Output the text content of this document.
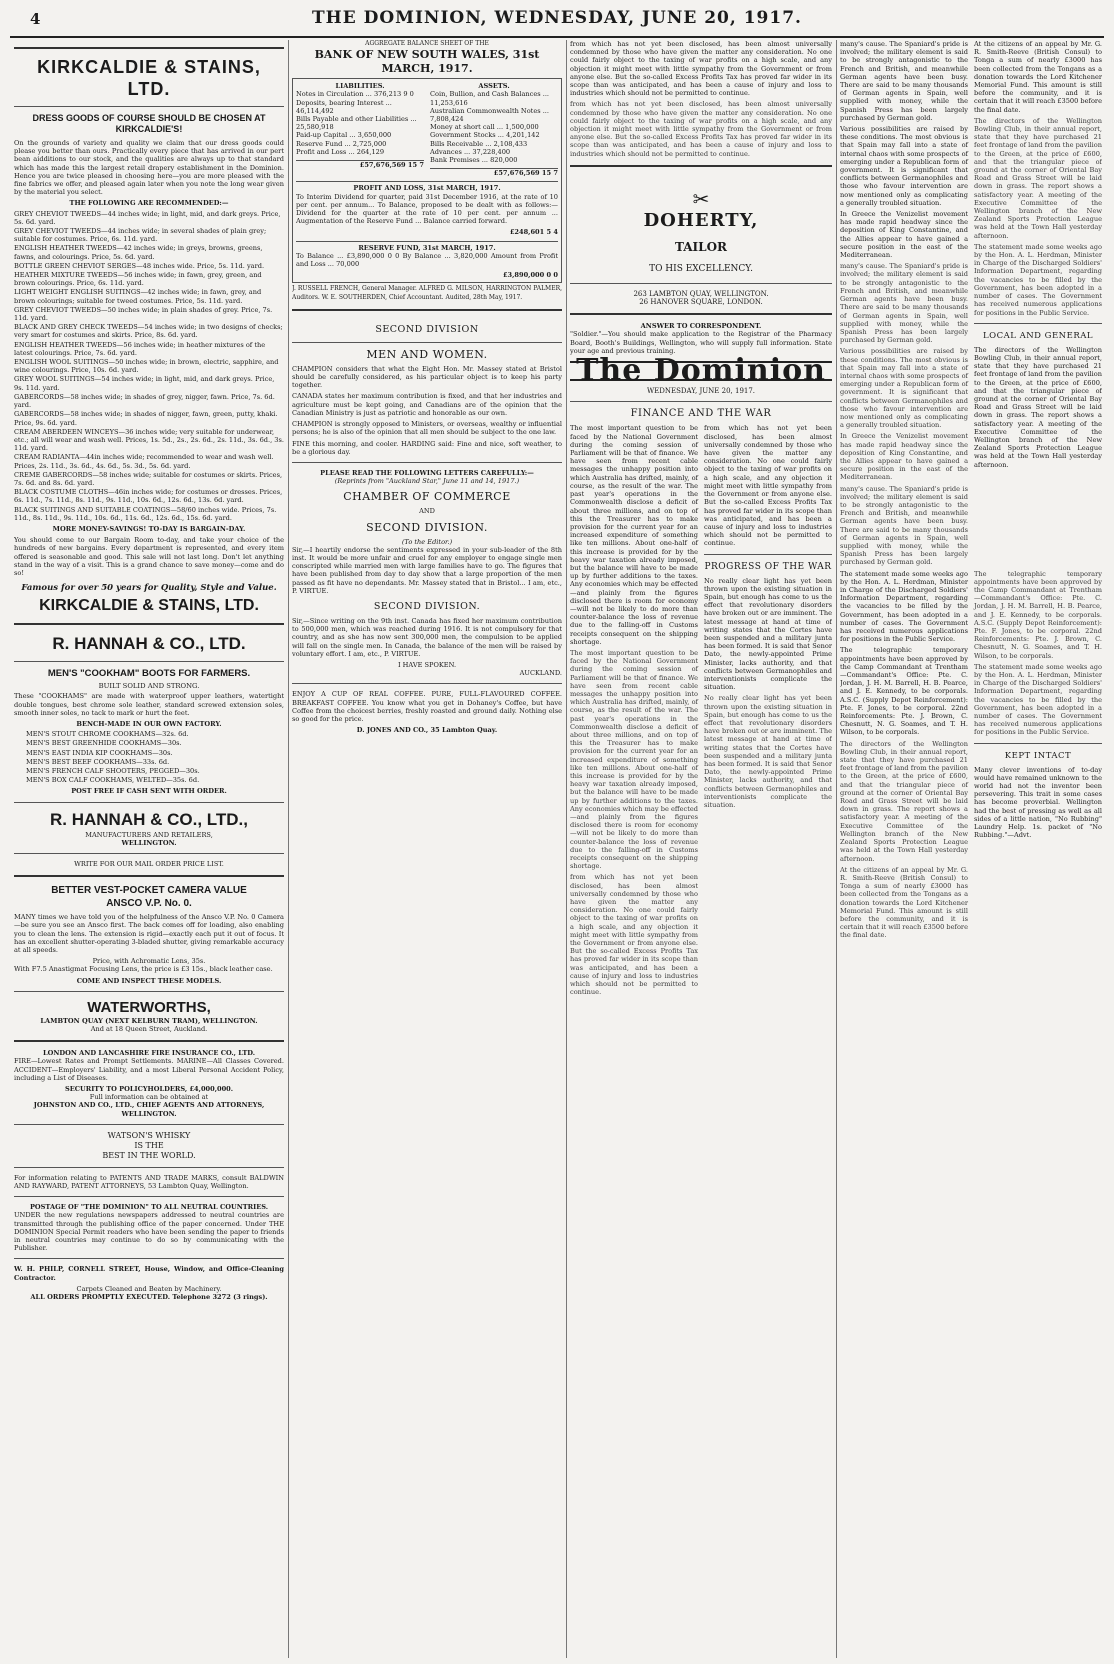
4	THE DOMINION, WEDNESDAY, JUNE 20, 1917.
KIRKCALDIE & STAINS, LTD.
DRESS GOODS OF COURSE SHOULD BE CHOSEN AT KIRKCALDIE'S!

On the grounds of variety and quality we claim that our dress goods could please you better than ours. Practically every piece that has arrived in our pert bean aidditions to our stock, and the qualities are always up to that standard which has made this the largest retail drapery establishment in the Dominion. Hence you are twice pleased in choosing here—you are more pleased with the fine fabrics we offer, and pleased again later when you note the long wear given by the material you select.

THE FOLLOWING ARE RECOMMENDED:—
GREY CHEVIOT TWEEDS—44 inches wide; in light, mid, and dark greys. Price, 5s. 6d. yard.
GREY CHEVIOT TWEEDS—44 inches wide; in several shades of plain grey; suitable for costumes. Price, 6s. 11d. yard.
ENGLISH HEATHER TWEEDS—42 inches wide; in greys, browns, greens, fawns, and colourings. Price, 5s. 6d. yard.
BOTTLE GREEN CHEVIOT SERGES—48 inches wide. Price, 5s. 11d. yard.
HEATHER MIXTURE TWEEDS—56 inches wide; in fawn, grey, green, and brown colourings. Price, 6s. 11d. yard.
LIGHT WEIGHT ENGLISH SUITINGS—42 inches wide; in fawn, grey, and brown colourings; suitable for tweed costumes. Price, 5s. 11d. yard.
GREY CHEVIOT TWEEDS—50 inches wide; in plain shades of grey. Price, 7s. 11d. yard.
BLACK AND GREY CHECK TWEEDS—54 inches wide; in two designs of checks; very smart for costumes and skirts. Price, 8s. 6d. yard.
ENGLISH HEATHER TWEEDS—56 inches wide; in heather mixtures of the latest colourings. Price, 7s. 6d. yard.
ENGLISH WOOL SUITINGS—50 inches wide; in brown, electric, sapphire, and wine colourings. Price, 10s. 6d. yard.
GREY WOOL SUITINGS—54 inches wide; in light, mid, and dark greys. Price, 9s. 11d. yard.
GABERCORDS—58 inches wide; in shades of grey, nigger, fawn. Price, 7s. 6d. yard.
GABERCORDS—58 inches wide; in shades of nigger, fawn, green, putty, khaki. Price, 9s. 6d. yard.
CREAM ABERDEEN WINCEYS—36 inches wide; very suitable for underwear, etc.; all will wear and wash well. Prices, 1s. 5d., 2s., 2s. 6d., 2s. 11d., 3s. 6d., 3s. 11d. yard.
CREAM RADIANTA—44in inches wide; recommended to wear and wash well. Prices, 2s. 11d., 3s. 6d., 4s. 6d., 5s. 3d., 5s. 6d. yard.
CREME GABERCORDS—58 inches wide; suitable for costumes or skirts. Prices, 7s. 6d. and 8s. 6d. yard.
BLACK COSTUME CLOTHS—46in inches wide; for costumes or dresses. Prices, 6s. 11d., 7s. 11d., 8s. 11d., 9s. 11d., 10s. 6d., 12s. 6d., 13s. 6d. yard.
BLACK SUITINGS AND SUITABLE COATINGS—58/60 inches wide. Prices, 7s. 11d., 8s. 11d., 9s. 11d., 10s. 6d., 11s. 6d., 12s. 6d., 15s. 6d. yard.
MORE MONEY-SAVINGS! TO-DAY IS BARGAIN-DAY.

You should come to our Bargain Room to-day, and take your choice of the hundreds of new bargains. Every department is represented, and every item offered is seasonable and good. This sale will not last long. Don't let anything stand in the way of a visit. This is a grand chance to save money—come and do so!

Famous for over 50 years for Quality, Style and Value.
KIRKCALDIE & STAINS, LTD.
R. HANNAH & CO., LTD.
MEN'S "COOKHAM" BOOTS FOR FARMERS.
BUILT SOLID AND STRONG.

These "COOKHAMS" are made with waterproof upper leathers, watertight double tongues, best chrome sole leather, standard screwed extension soles, smooth inner soles, no tack to mark or hurt the feet.

BENCH-MADE IN OUR OWN FACTORY.
MEN'S STOUT CHROME COOKHAMS—32s. 6d.
MEN'S BEST GREENHIDE COOKHAMS—30s.
MEN'S EAST INDIA KIP COOKHAMS—30s.
MEN'S BEST BEEF COOKHAMS—33s. 6d.
MEN'S FRENCH CALF SHOOTERS, PEGGED—30s.
MEN'S BOX CALF COOKHAMS, WELTED—35s. 6d.
POST FREE IF CASH SENT WITH ORDER.
R. HANNAH & CO., LTD.,
MANUFACTURERS AND RETAILERS,
WELLINGTON.
WRITE FOR OUR MAIL ORDER PRICE LIST.
BETTER VEST-POCKET CAMERA VALUE
ANSCO V.P. No. 0.

MANY times we have told you of the helpfulness of the Ansco V.P. No. 0 Camera—be sure you see an Ansco first. The back comes off for loading, also enabling you to clean the lens. The extension is rigid—exactly each put it out of focus. It has an excellent shutter-operating 3-bladed shutter, giving remarkable accuracy at all speeds.

Price, with Achromatic Lens, 35s.

With F7.5 Anastigmat Focusing Lens, the price is £3 15s., black leather case.

COME AND INSPECT THESE MODELS.
WATERWORTHS,
LAMBTON QUAY (NEXT KELBURN TRAM), WELLINGTON.
And at 18 Queen Street, Auckland.
LONDON AND LANCASHIRE FIRE INSURANCE CO., LTD.

FIRE—Lowest Rates and Prompt Settlements. MARINE—All Classes Covered. ACCIDENT—Employers' Liability, and a most Liberal Personal Accident Policy, including a List of Diseases.

SECURITY TO POLICYHOLDERS, £4,000,000.
Full information can be obtained at
JOHNSTON AND CO., LTD., CHIEF AGENTS AND ATTORNEYS, WELLINGTON.
WATSON'S WHISKY
IS THE
BEST IN THE WORLD.

For information relating to PATENTS AND TRADE MARKS, consult BALDWIN AND RAYWARD, PATENT ATTORNEYS, 53 Lambton Quay, Wellington.

POSTAGE OF "THE DOMINION" TO ALL NEUTRAL COUNTRIES.

UNDER the new regulations newspapers addressed to neutral countries are transmitted through the publishing office of the paper concerned. Under THE DOMINION Special Permit readers who have been sending the paper to friends in neutral countries may continue to do so by communicating with the Publisher.

W. H. PHILP, CORNELL STREET, House, Window, and Office-Cleaning Contractor.

Carpets Cleaned and Beaten by Machinery.
ALL ORDERS PROMPTLY EXECUTED. Telephone 3272 (3 rings).
AGGREGATE BALANCE SHEET OF THE
BANK OF NEW SOUTH WALES, 31st MARCH, 1917.
LIABILITIES.
Notes in Circulation ... 376,213 9 0
Deposits, bearing Interest ... 46,114,492
Bills Payable and other Liabilities ... 25,580,918
Paid-up Capital ... 3,650,000
Reserve Fund ... 2,725,000
Profit and Loss ... 264,129
£57,676,569 15 7
ASSETS.
Coin, Bullion, and Cash Balances ... 11,253,616
Australian Commonwealth Notes ... 7,808,424
Money at short call ... 1,500,000
Government Stocks ... 4,201,142
Bills Receivable ... 2,108,433
Advances ... 37,228,400
Bank Premises ... 820,000
£57,676,569 15 7
PROFIT AND LOSS, 31st MARCH, 1917.

To Interim Dividend for quarter, paid 31st December 1916, at the rate of 10 per cent. per annum... To Balance, proposed to be dealt with as follows:—Dividend for the quarter at the rate of 10 per cent. per annum ... Augmentation of the Reserve Fund ... Balance carried forward.

£248,601 5 4
RESERVE FUND, 31st MARCH, 1917.

To Balance ... £3,890,000 0 0 By Balance ... 3,820,000 Amount from Profit and Loss ... 70,000

£3,890,000 0 0

J. RUSSELL FRENCH, General Manager. ALFRED G. MILSON, HARRINGTON PALMER, Auditors. W. E. SOUTHERDEN, Chief Accountant. Audited, 28th May, 1917.

SECOND DIVISION
MEN AND WOMEN.

CHAMPION considers that what the Eight Hon. Mr. Massey stated at Bristol should be carefully considered, as his particular object is to keep his party together.

CANADA states her maximum contribution is fixed, and that her industries and agriculture must be kept going, and Canadians are of the opinion that the Canadian Ministry is just as patriotic and honorable as our own.

CHAMPION is strongly opposed to Ministers, or overseas, wealthy or influential persons; he is also of the opinion that all men should be subject to the one law.

FINE this morning, and cooler. HARDING said: Fine and nice, soft weather, to be a glorious day.

PLEASE READ THE FOLLOWING LETTERS CAREFULLY:—
(Reprints from "Auckland Star," June 11 and 14, 1917.)
CHAMBER OF COMMERCE
AND
SECOND DIVISION.
(To the Editor.)

Sir,—I heartily endorse the sentiments expressed in your sub-leader of the 8th inst. It would be more unfair and cruel for any employer to engage single men conscripted while married men with large families have to go. The figures that have been published from day to day show that a large proportion of the men passed as fit have no dependants. Mr. Massey stated that in Bristol... I am, etc., P. VIRTUE.

SECOND DIVISION.

Sir,—Since writing on the 9th inst. Canada has fixed her maximum contribution to 500,000 men, which was reached during 1916. It is not compulsory for that country, and as she has now sent 300,000 men, the compulsion to be applied will fall on the single men. In Canada, the balance of the men will be raised by voluntary effort. I am, etc., P. VIRTUE.

I HAVE SPOKEN.
AUCKLAND.

ENJOY A CUP OF REAL COFFEE. PURE, FULL-FLAVOURED COFFEE. BREAKFAST COFFEE. You know what you get in Dohaney's Coffee, but have Coffee from the choicest berries, freshly roasted and ground daily. Nothing else so good for the price.

D. JONES AND CO., 35 Lambton Quay.

from which has not yet been disclosed, has been almost universally condemned by those who have given the matter any consideration. No one could fairly object to the taxing of war profits on a high scale, and any objection it might meet with little sympathy from the Government or from anyone else. But the so-called Excess Profits Tax has proved far wider in its scope than was anticipated, and has been a cause of injury and loss to industries which should not be permitted to continue.

from which has not yet been disclosed, has been almost universally condemned by those who have given the matter any consideration. No one could fairly object to the taxing of war profits on a high scale, and any objection it might meet with little sympathy from the Government or from anyone else. But the so-called Excess Profits Tax has proved far wider in its scope than was anticipated, and has been a cause of injury and loss to industries which should not be permitted to continue.

✂
DOHERTY,
TAILOR
TO HIS EXCELLENCY.
263 LAMBTON QUAY, WELLINGTON.
26 HANOVER SQUARE, LONDON.
ANSWER TO CORRESPONDENT.

"Soldier."—You should make application to the Registrar of the Pharmacy Board, Booth's Buildings, Wellington, who will supply full information. State your age and previous training.

The Dominion
WEDNESDAY, JUNE 20, 1917.
FINANCE AND THE WAR

The most important question to be faced by the National Government during the coming session of Parliament will be that of finance. We have seen from recent cable messages the unhappy position into which Australia has drifted, mainly, of course, as the result of the war. The past year's operations in the Commonwealth disclose a deficit of about three millions, and on top of this the Treasurer has to make provision for the current year for an increased expenditure of something like ten millions. About one-half of this increase is provided for by the heavy war taxation already imposed, but the balance will have to be made up by further additions to the taxes. Any economies which may be effected—and plainly from the figures disclosed there is room for economy—will not be likely to do more than counter-balance the loss of revenue due to the falling-off in Customs receipts consequent on the shipping shortage.

The most important question to be faced by the National Government during the coming session of Parliament will be that of finance. We have seen from recent cable messages the unhappy position into which Australia has drifted, mainly, of course, as the result of the war. The past year's operations in the Commonwealth disclose a deficit of about three millions, and on top of this the Treasurer has to make provision for the current year for an increased expenditure of something like ten millions. About one-half of this increase is provided for by the heavy war taxation already imposed, but the balance will have to be made up by further additions to the taxes. Any economies which may be effected—and plainly from the figures disclosed there is room for economy—will not be likely to do more than counter-balance the loss of revenue due to the falling-off in Customs receipts consequent on the shipping shortage.

from which has not yet been disclosed, has been almost universally condemned by those who have given the matter any consideration. No one could fairly object to the taxing of war profits on a high scale, and any objection it might meet with little sympathy from the Government or from anyone else. But the so-called Excess Profits Tax has proved far wider in its scope than was anticipated, and has been a cause of injury and loss to industries which should not be permitted to continue.

from which has not yet been disclosed, has been almost universally condemned by those who have given the matter any consideration. No one could fairly object to the taxing of war profits on a high scale, and any objection it might meet with little sympathy from the Government or from anyone else. But the so-called Excess Profits Tax has proved far wider in its scope than was anticipated, and has been a cause of injury and loss to industries which should not be permitted to continue.

PROGRESS OF THE WAR

No really clear light has yet been thrown upon the existing situation in Spain, but enough has come to us the effect that revolutionary disorders have broken out or are imminent. The latest message at hand at time of writing states that the Cortes have been suspended and a military junta has been formed. It is said that Senor Dato, the newly-appointed Prime Minister, lacks authority, and that conflicts between Germanophiles and interventionists complicate the situation.

No really clear light has yet been thrown upon the existing situation in Spain, but enough has come to us the effect that revolutionary disorders have broken out or are imminent. The latest message at hand at time of writing states that the Cortes have been suspended and a military junta has been formed. It is said that Senor Dato, the newly-appointed Prime Minister, lacks authority, and that conflicts between Germanophiles and interventionists complicate the situation.

many's cause. The Spaniard's pride is involved; the military element is said to be strongly antagonistic to the French and British, and meanwhile German agents have been busy. There are said to be many thousands of German agents in Spain, well supplied with money, while the Spanish Press has been largely purchased by German gold.

Various possibilities are raised by these conditions. The most obvious is that Spain may fall into a state of internal chaos with some prospects of emerging under a Republican form of government. It is significant that conflicts between Germanophiles and those who favour intervention are now mentioned only as complicating a generally troubled situation.

In Greece the Venizelist movement has made rapid headway since the deposition of King Constantine, and the Allies appear to have gained a secure position in the east of the Mediterranean.

many's cause. The Spaniard's pride is involved; the military element is said to be strongly antagonistic to the French and British, and meanwhile German agents have been busy. There are said to be many thousands of German agents in Spain, well supplied with money, while the Spanish Press has been largely purchased by German gold.

Various possibilities are raised by these conditions. The most obvious is that Spain may fall into a state of internal chaos with some prospects of emerging under a Republican form of government. It is significant that conflicts between Germanophiles and those who favour intervention are now mentioned only as complicating a generally troubled situation.

In Greece the Venizelist movement has made rapid headway since the deposition of King Constantine, and the Allies appear to have gained a secure position in the east of the Mediterranean.

many's cause. The Spaniard's pride is involved; the military element is said to be strongly antagonistic to the French and British, and meanwhile German agents have been busy. There are said to be many thousands of German agents in Spain, well supplied with money, while the Spanish Press has been largely purchased by German gold.

At the citizens of an appeal by Mr. G. R. Smith-Reeve (British Consul) to Tonga a sum of nearly £3000 has been collected from the Tongans as a donation towards the Lord Kitchener Memorial Fund. This amount is still before the community, and it is certain that it will reach £3500 before the final date.

The directors of the Wellington Bowling Club, in their annual report, state that they have purchased 21 feet frontage of land from the pavilion to the Green, at the price of £600, and that the triangular piece of ground at the corner of Oriental Bay Road and Grass Street will be laid down in grass. The report shows a satisfactory year. A meeting of the Executive Committee of the Wellington branch of the New Zealand Sports Protection League was held at the Town Hall yesterday afternoon.

The statement made some weeks ago by the Hon. A. L. Herdman, Minister in Charge of the Discharged Soldiers' Information Department, regarding the vacancies to be filled by the Government, has been adopted in a number of cases. The Government has received numerous applications for positions in the Public Service.

LOCAL AND GENERAL

The directors of the Wellington Bowling Club, in their annual report, state that they have purchased 21 feet frontage of land from the pavilion to the Green, at the price of £600, and that the triangular piece of ground at the corner of Oriental Bay Road and Grass Street will be laid down in grass. The report shows a satisfactory year. A meeting of the Executive Committee of the Wellington branch of the New Zealand Sports Protection League was held at the Town Hall yesterday afternoon.

The statement made some weeks ago by the Hon. A. L. Herdman, Minister in Charge of the Discharged Soldiers' Information Department, regarding the vacancies to be filled by the Government, has been adopted in a number of cases. The Government has received numerous applications for positions in the Public Service.

The telegraphic temporary appointments have been approved by the Camp Commandant at Trentham—Commandant's Office: Pte. C. Jordan, J. H. M. Barrell, H. B. Pearce, and J. E. Kennedy, to be corporals. A.S.C. (Supply Depot Reinforcement): Pte. F. Jones, to be corporal. 22nd Reinforcements: Pte. J. Brown, C. Chesnutt, N. G. Soames, and T. H. Wilson, to be corporals.

The directors of the Wellington Bowling Club, in their annual report, state that they have purchased 21 feet frontage of land from the pavilion to the Green, at the price of £600, and that the triangular piece of ground at the corner of Oriental Bay Road and Grass Street will be laid down in grass. The report shows a satisfactory year. A meeting of the Executive Committee of the Wellington branch of the New Zealand Sports Protection League was held at the Town Hall yesterday afternoon.

At the citizens of an appeal by Mr. G. R. Smith-Reeve (British Consul) to Tonga a sum of nearly £3000 has been collected from the Tongans as a donation towards the Lord Kitchener Memorial Fund. This amount is still before the community, and it is certain that it will reach £3500 before the final date.

The telegraphic temporary appointments have been approved by the Camp Commandant at Trentham—Commandant's Office: Pte. C. Jordan, J. H. M. Barrell, H. B. Pearce, and J. E. Kennedy, to be corporals. A.S.C. (Supply Depot Reinforcement): Pte. F. Jones, to be corporal. 22nd Reinforcements: Pte. J. Brown, C. Chesnutt, N. G. Soames, and T. H. Wilson, to be corporals.

The statement made some weeks ago by the Hon. A. L. Herdman, Minister in Charge of the Discharged Soldiers' Information Department, regarding the vacancies to be filled by the Government, has been adopted in a number of cases. The Government has received numerous applications for positions in the Public Service.

KEPT INTACT

Many clever inventions of to-day would have remained unknown to the world had not the inventor been persevering. This trait in some cases has become proverbial. Wellington had the best of pressing as well as all sides of a little nation, "No Rubbing" Laundry Help. 1s. packet of "No Rubbing."—Advt.
